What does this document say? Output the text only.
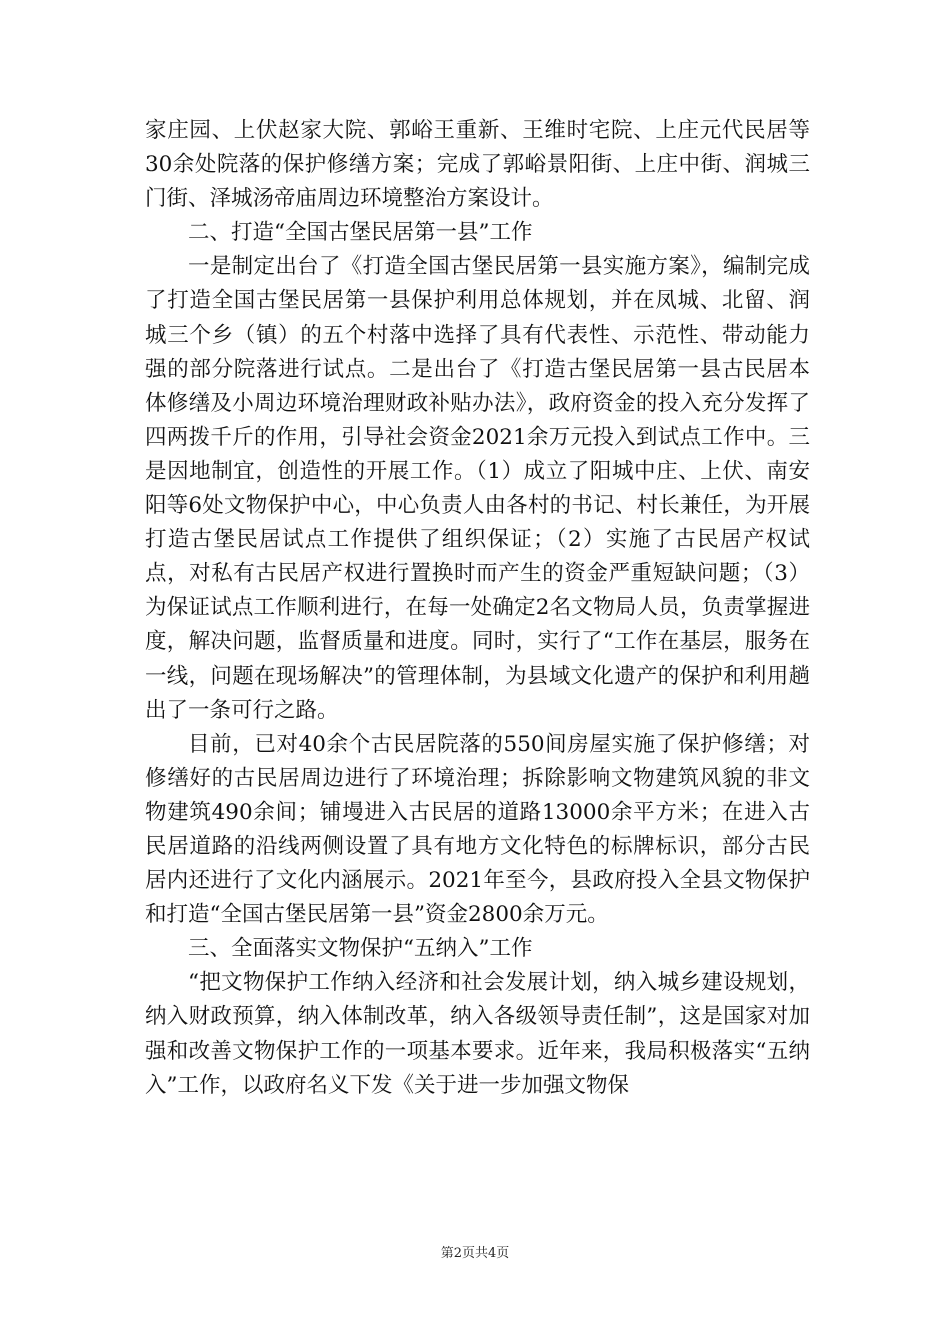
家庄园、上伏赵家大院、郭峪王重新、王维时宅院、上庄元代民居等30余处院落的保护修缮方案；完成了郭峪景阳街、上庄中街、润城三门街、泽城汤帝庙周边环境整治方案设计。

二、打造“全国古堡民居第一县”工作

一是制定出台了《打造全国古堡民居第一县实施方案》，编制完成了打造全国古堡民居第一县保护利用总体规划，并在凤城、北留、润城三个乡（镇）的五个村落中选择了具有代表性、示范性、带动能力强的部分院落进行试点。二是出台了《打造古堡民居第一县古民居本体修缮及小周边环境治理财政补贴办法》，政府资金的投入充分发挥了四两拨千斤的作用，引导社会资金2021余万元投入到试点工作中。三是因地制宜，创造性的开展工作。（1）成立了阳城中庄、上伏、南安阳等6处文物保护中心，中心负责人由各村的书记、村长兼任，为开展打造古堡民居试点工作提供了组织保证；（2）实施了古民居产权试点，对私有古民居产权进行置换时而产生的资金严重短缺问题；（3）为保证试点工作顺利进行，在每一处确定2名文物局人员，负责掌握进度，解决问题，监督质量和进度。同时，实行了“工作在基层，服务在一线，问题在现场解决”的管理体制，为县域文化遗产的保护和利用趟出了一条可行之路。

目前，已对40余个古民居院落的550间房屋实施了保护修缮；对修缮好的古民居周边进行了环境治理；拆除影响文物建筑风貌的非文物建筑490余间；铺墁进入古民居的道路13000余平方米；在进入古民居道路的沿线两侧设置了具有地方文化特色的标牌标识，部分古民居内还进行了文化内涵展示。2021年至今，县政府投入全县文物保护和打造“全国古堡民居第一县”资金2800余万元。

三、全面落实文物保护“五纳入”工作

“把文物保护工作纳入经济和社会发展计划，纳入城乡建设规划，纳入财政预算，纳入体制改革，纳入各级领导责任制”，这是国家对加强和改善文物保护工作的一项基本要求。近年来，我局积极落实“五纳入”工作，以政府名义下发《关于进一步加强文物保

第2页共4页
